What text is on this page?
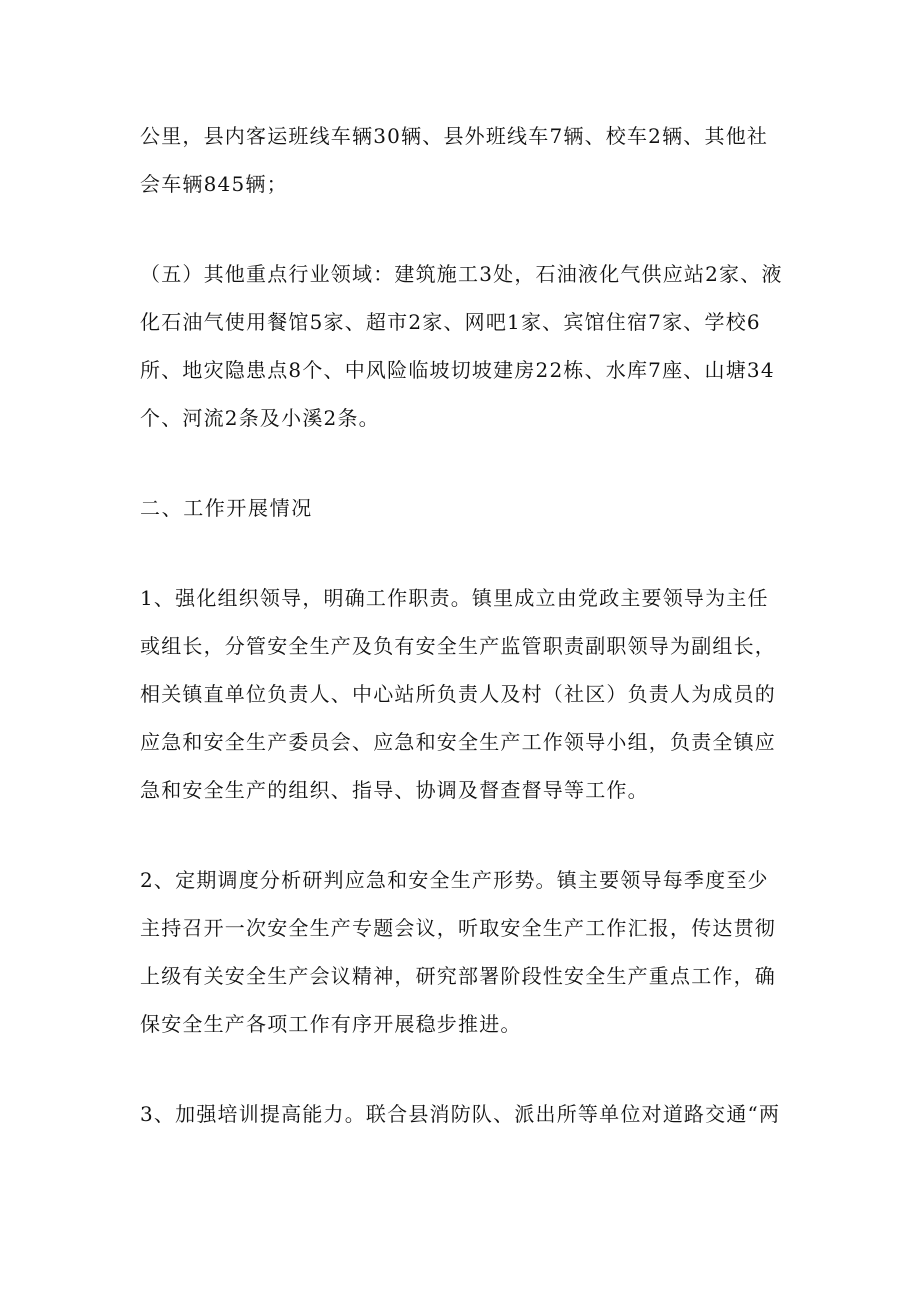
公里，县内客运班线车辆30辆、县外班线车7辆、校车2辆、其他社会车辆845辆；

（五）其他重点行业领域：建筑施工3处，石油液化气供应站2家、液化石油气使用餐馆5家、超市2家、网吧1家、宾馆住宿7家、学校6所、地灾隐患点8个、中风险临坡切坡建房22栋、水库7座、山塘34个、河流2条及小溪2条。

二、工作开展情况

1、强化组织领导，明确工作职责。镇里成立由党政主要领导为主任或组长，分管安全生产及负有安全生产监管职责副职领导为副组长，相关镇直单位负责人、中心站所负责人及村（社区）负责人为成员的应急和安全生产委员会、应急和安全生产工作领导小组，负责全镇应急和安全生产的组织、指导、协调及督查督导等工作。

2、定期调度分析研判应急和安全生产形势。镇主要领导每季度至少主持召开一次安全生产专题会议，听取安全生产工作汇报，传达贯彻上级有关安全生产会议精神，研究部署阶段性安全生产重点工作，确保安全生产各项工作有序开展稳步推进。

3、加强培训提高能力。联合县消防队、派出所等单位对道路交通“两
